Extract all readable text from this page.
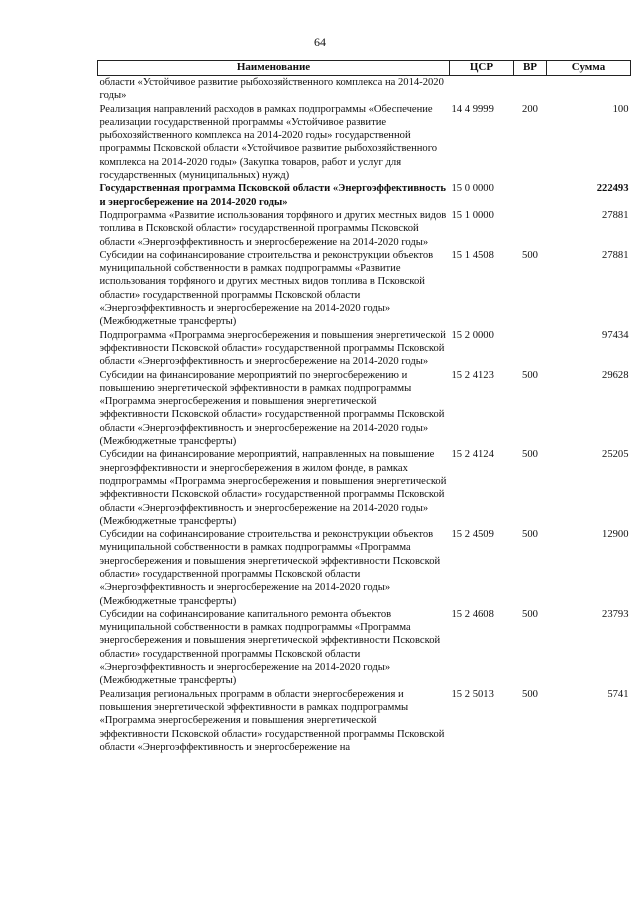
64
Наименование	ЦСР	ВР	Сумма
области «Устойчивое развитие рыбохозяйственного комплекса на 2014-2020 годы»			
Реализация направлений расходов в рамках подпрограммы «Обеспечение реализации государственной программы «Устойчивое развитие рыбохозяйственного комплекса на 2014-2020 годы» государственной программы Псковской области «Устойчивое развитие рыбохозяйственного комплекса на 2014-2020 годы» (Закупка товаров, работ и услуг для государственных (муниципальных) нужд)	14 4 9999	200	100
Государственная программа Псковской области «Энергоэффективность и энергосбережение на 2014-2020 годы»	15 0 0000		222493
Подпрограмма «Развитие использования торфяного и других местных видов топлива в Псковской области» государственной программы Псковской области «Энергоэффективность и энергосбережение на 2014-2020 годы»	15 1 0000		27881
Субсидии на софинансирование строительства и реконструкции объектов муниципальной собственности в рамках подпрограммы «Развитие использования торфяного и других местных видов топлива в Псковской области» государственной программы Псковской области «Энергоэффективность и энергосбережение на 2014-2020 годы» (Межбюджетные трансферты)	15 1 4508	500	27881
Подпрограмма «Программа энергосбережения и повышения энергетической эффективности Псковской области» государственной программы Псковской области «Энергоэффективность и энергосбережение на 2014-2020 годы»	15 2 0000		97434
Субсидии на финансирование мероприятий по энергосбережению и повышению энергетической эффективности в рамках подпрограммы «Программа энергосбережения и повышения энергетической эффективности Псковской области» государственной программы Псковской области «Энергоэффективность и энергосбережение на 2014-2020 годы» (Межбюджетные трансферты)	15 2 4123	500	29628
Субсидии на финансирование мероприятий, направленных на повышение энергоэффективности и энергосбережения в жилом фонде, в рамках подпрограммы «Программа энергосбережения и повышения энергетической эффективности Псковской области» государственной программы Псковской области «Энергоэффективность и энергосбережение на 2014-2020 годы» (Межбюджетные трансферты)	15 2 4124	500	25205
Субсидии на софинансирование строительства и реконструкции объектов муниципальной собственности в рамках подпрограммы «Программа энергосбережения и повышения энергетической эффективности Псковской области» государственной программы Псковской области «Энергоэффективность и энергосбережение на 2014-2020 годы» (Межбюджетные трансферты)	15 2 4509	500	12900
Субсидии на софинансирование капитального ремонта объектов муниципальной собственности в рамках подпрограммы «Программа энергосбережения и повышения энергетической эффективности Псковской области» государственной программы Псковской области «Энергоэффективность и энергосбережение на 2014-2020 годы» (Межбюджетные трансферты)	15 2 4608	500	23793
Реализация региональных программ в области энергосбережения и повышения энергетической эффективности в рамках подпрограммы «Программа энергосбережения и повышения энергетической эффективности Псковской области» государственной программы Псковской области «Энергоэффективность и энергосбережение на	15 2 5013	500	5741
